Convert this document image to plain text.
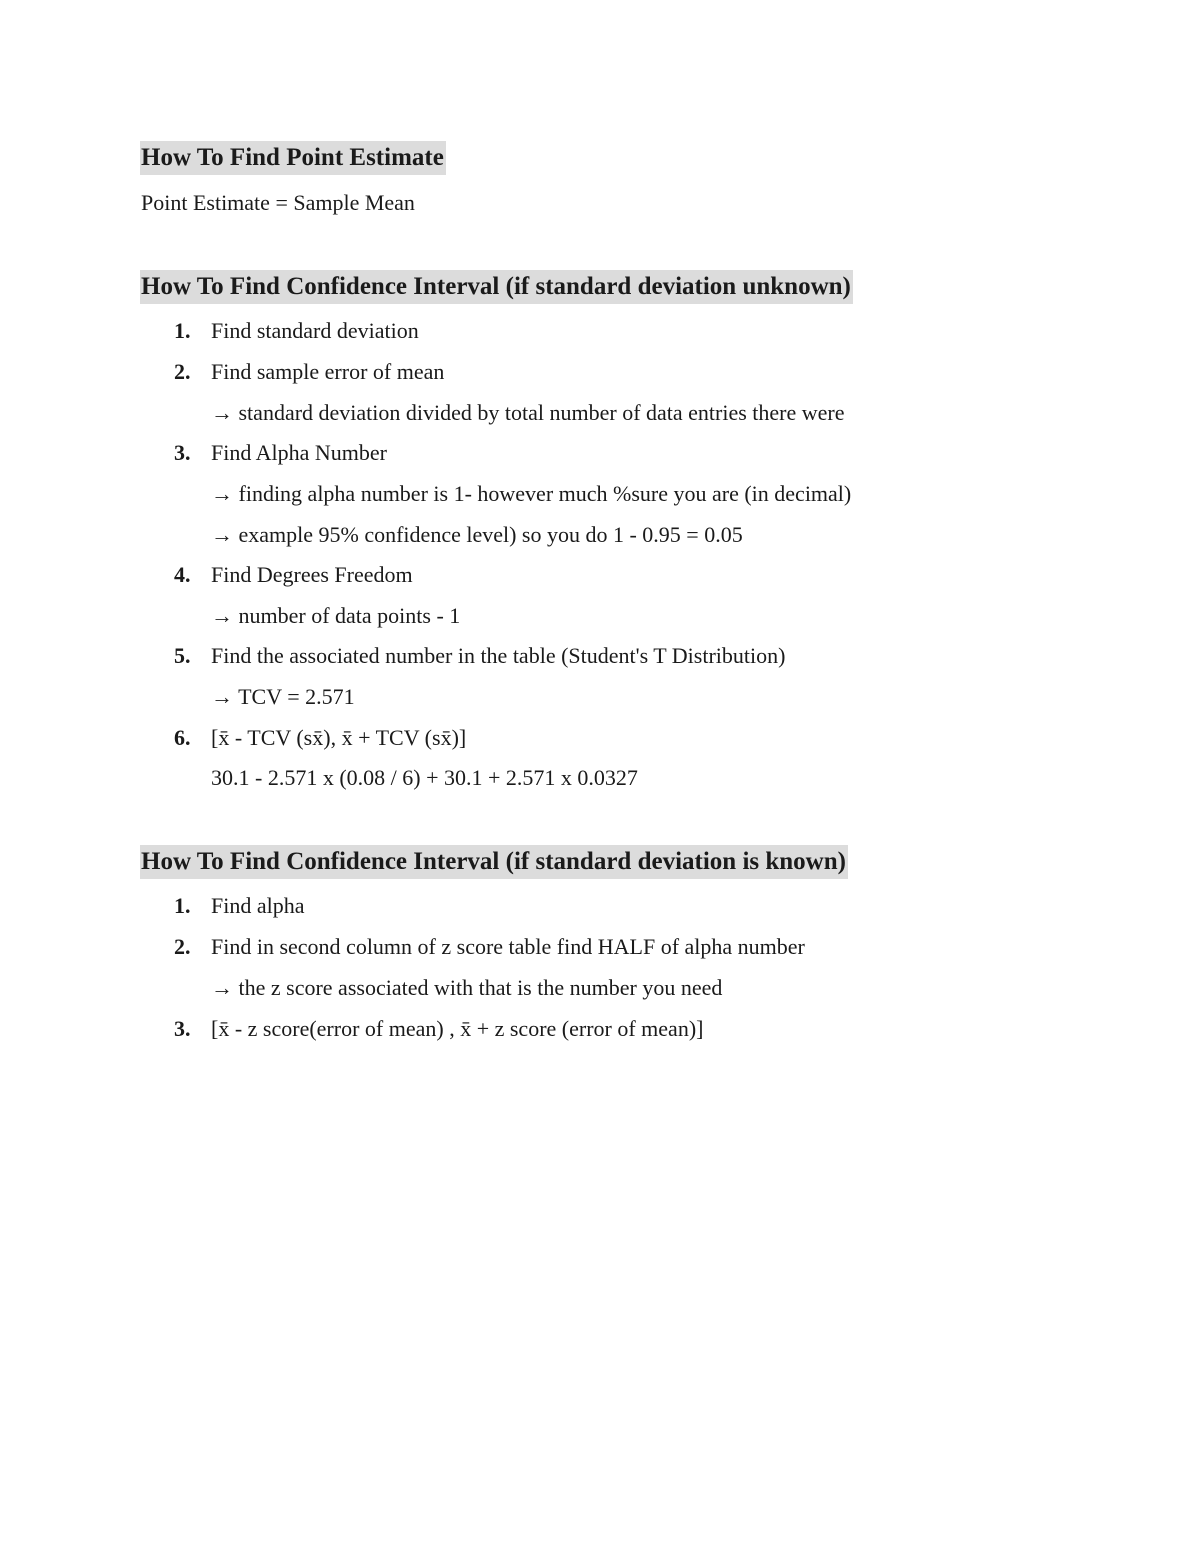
How To Find Point Estimate
Point Estimate = Sample Mean
How To Find Confidence Interval (if standard deviation unknown)
1. Find standard deviation
2. Find sample error of mean
→ standard deviation divided by total number of data entries there were
3. Find Alpha Number
→ finding alpha number is 1- however much %sure you are (in decimal)
→ example 95% confidence level) so you do 1 - 0.95 = 0.05
4. Find Degrees Freedom
→ number of data points - 1
5. Find the associated number in the table (Student's T Distribution)
→ TCV = 2.571
6. [x̄ - TCV (sx̄), x̄ + TCV (sx̄)]
30.1 - 2.571 x (0.08 / 6) + 30.1 + 2.571 x 0.0327
How To Find Confidence Interval (if standard deviation is known)
1. Find alpha
2. Find in second column of z score table find HALF of alpha number
→ the z score associated with that is the number you need
3. [x̄ - z score(error of mean) , x̄ + z score (error of mean)]
